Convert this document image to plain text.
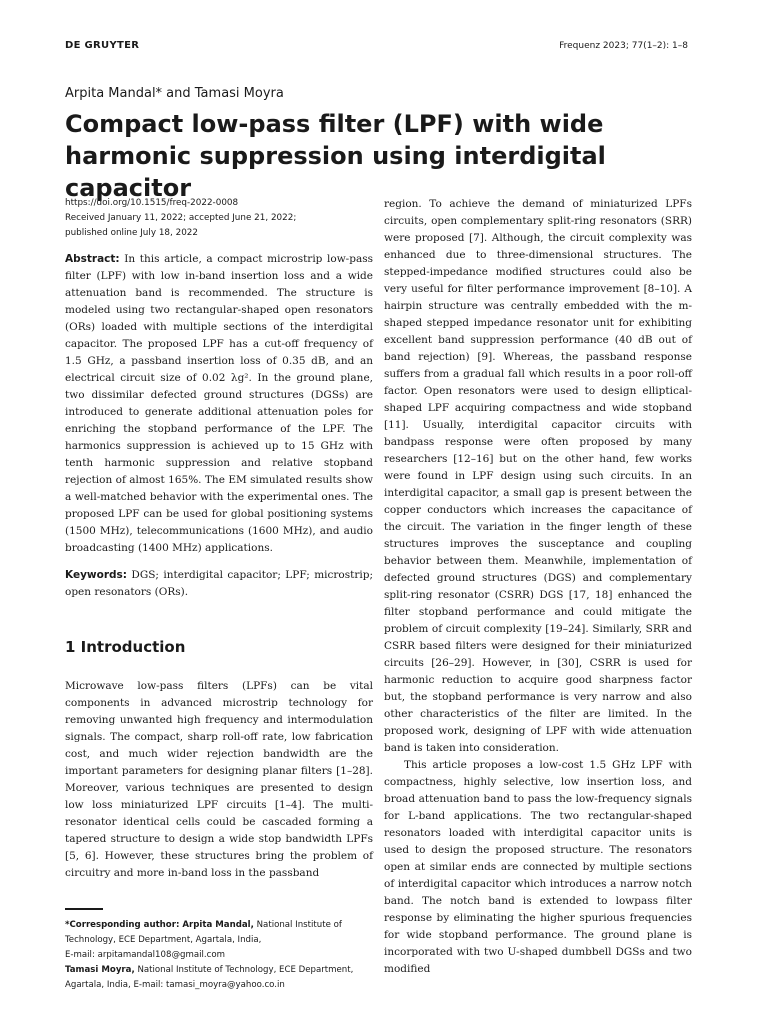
DE GRUYTER	Frequenz 2023; 77(1–2): 1–8
Arpita Mandal* and Tamasi Moyra
Compact low-pass filter (LPF) with wide harmonic suppression using interdigital capacitor
https://doi.org/10.1515/freq-2022-0008
Received January 11, 2022; accepted June 21, 2022;
published online July 18, 2022

Abstract: In this article, a compact microstrip low-pass filter (LPF) with low in-band insertion loss and a wide attenuation band is recommended. The structure is modeled using two rectangular-shaped open resonators (ORs) loaded with multiple sections of the interdigital capacitor. The proposed LPF has a cut-off frequency of 1.5 GHz, a passband insertion loss of 0.35 dB, and an electrical circuit size of 0.02 λg². In the ground plane, two dissimilar defected ground structures (DGSs) are introduced to generate additional attenuation poles for enriching the stopband performance of the LPF. The harmonics suppression is achieved up to 15 GHz with tenth harmonic suppression and relative stopband rejection of almost 165%. The EM simulated results show a well-matched behavior with the experimental ones. The proposed LPF can be used for global positioning systems (1500 MHz), telecommunications (1600 MHz), and audio broadcasting (1400 MHz) applications.

Keywords: DGS; interdigital capacitor; LPF; microstrip; open resonators (ORs).

1 Introduction

Microwave low-pass filters (LPFs) can be vital components in advanced microstrip technology for removing unwanted high frequency and intermodulation signals. The compact, sharp roll-off rate, low fabrication cost, and much wider rejection bandwidth are the important parameters for designing planar filters [1–28]. Moreover, various techniques are presented to design low loss miniaturized LPF circuits [1–4]. The multi-resonator identical cells could be cascaded forming a tapered structure to design a wide stop bandwidth LPFs [5, 6]. However, these structures bring the problem of circuitry and more in-band loss in the passband

*Corresponding author: Arpita Mandal, National Institute of Technology, ECE Department, Agartala, India,
E-mail: arpitamandal108@gmail.com
Tamasi Moyra, National Institute of Technology, ECE Department, Agartala, India, E-mail: tamasi_moyra@yahoo.co.in

region. To achieve the demand of miniaturized LPFs circuits, open complementary split-ring resonators (SRR) were proposed [7]. Although, the circuit complexity was enhanced due to three-dimensional structures. The stepped-impedance modified structures could also be very useful for filter performance improvement [8–10]. A hairpin structure was centrally embedded with the m-shaped stepped impedance resonator unit for exhibiting excellent band suppression performance (40 dB out of band rejection) [9]. Whereas, the passband response suffers from a gradual fall which results in a poor roll-off factor. Open resonators were used to design elliptical-shaped LPF acquiring compactness and wide stopband [11]. Usually, interdigital capacitor circuits with bandpass response were often proposed by many researchers [12–16] but on the other hand, few works were found in LPF design using such circuits. In an interdigital capacitor, a small gap is present between the copper conductors which increases the capacitance of the circuit. The variation in the finger length of these structures improves the susceptance and coupling behavior between them. Meanwhile, implementation of defected ground structures (DGS) and complementary split-ring resonator (CSRR) DGS [17, 18] enhanced the filter stopband performance and could mitigate the problem of circuit complexity [19–24]. Similarly, SRR and CSRR based filters were designed for their miniaturized circuits [26–29]. However, in [30], CSRR is used for harmonic reduction to acquire good sharpness factor but, the stopband performance is very narrow and also other characteristics of the filter are limited. In the proposed work, designing of LPF with wide attenuation band is taken into consideration.

This article proposes a low-cost 1.5 GHz LPF with compactness, highly selective, low insertion loss, and broad attenuation band to pass the low-frequency signals for L-band applications. The two rectangular-shaped resonators loaded with interdigital capacitor units is used to design the proposed structure. The resonators open at similar ends are connected by multiple sections of interdigital capacitor which introduces a narrow notch band. The notch band is extended to lowpass filter response by eliminating the higher spurious frequencies for wide stopband performance. The ground plane is incorporated with two U-shaped dumbbell DGSs and two modified
